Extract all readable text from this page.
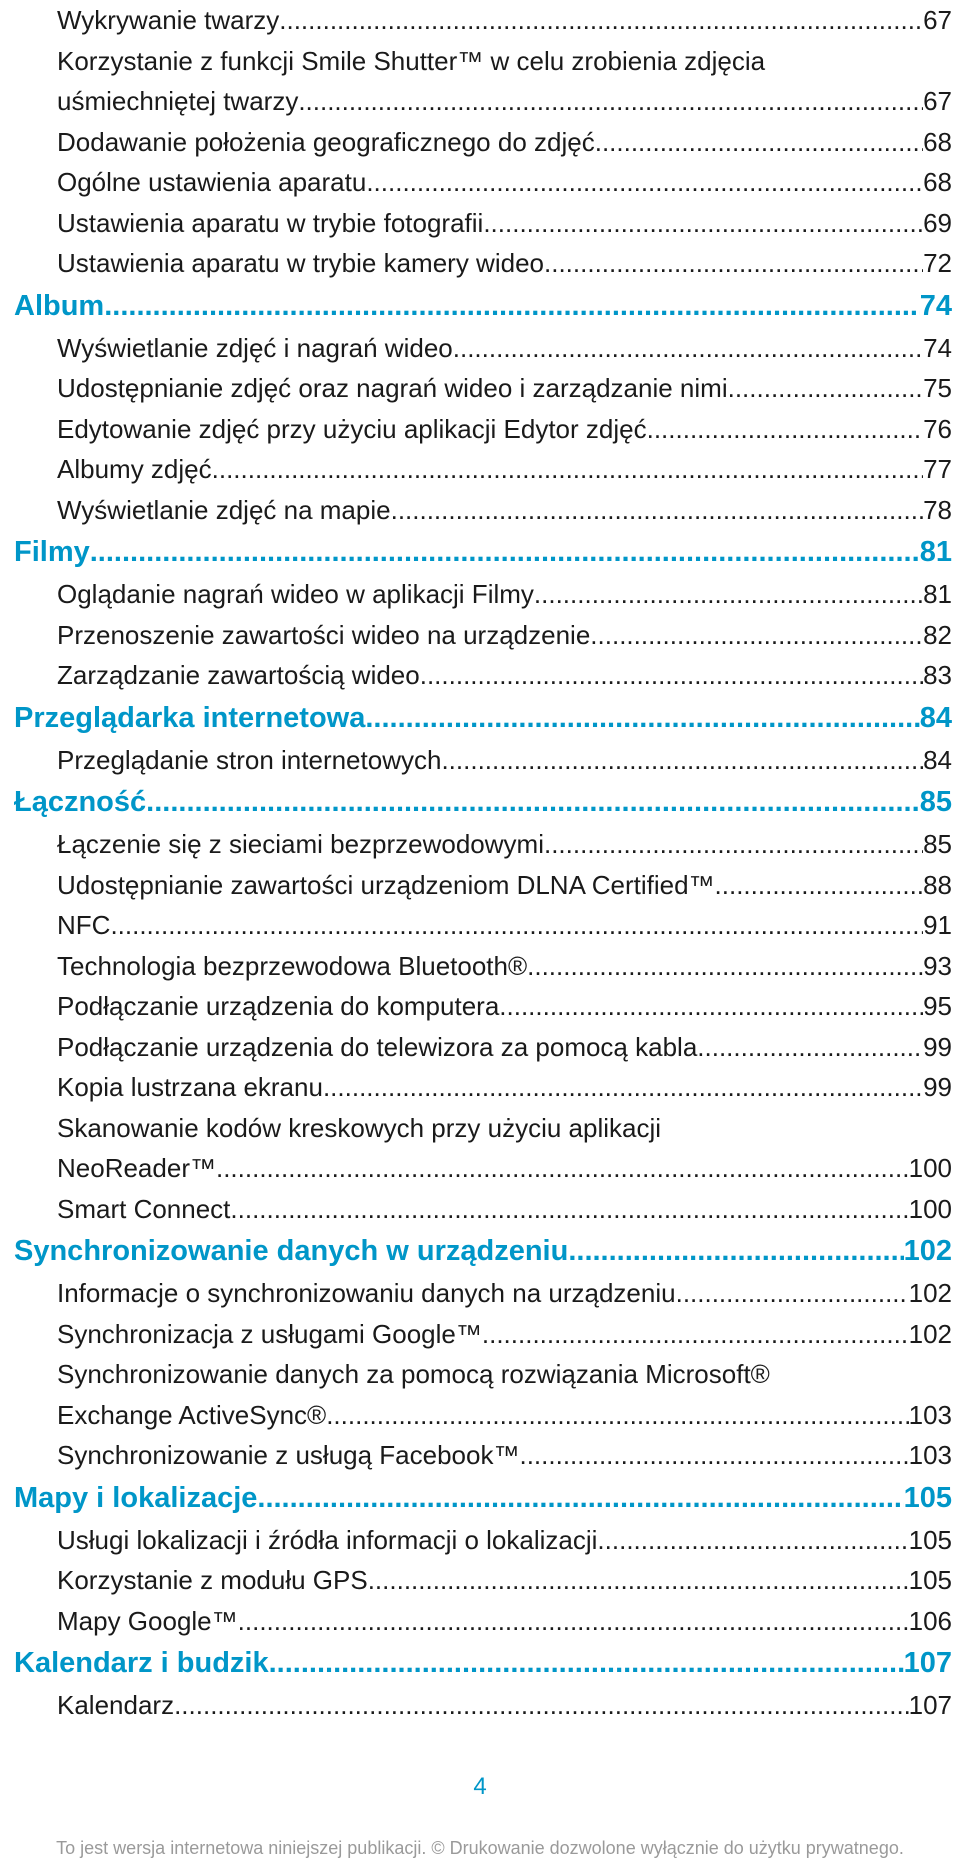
Wykrywanie twarzy .....	67
Korzystanie z funkcji Smile Shutter™ w celu zrobienia zdjęcia
uśmiechniętej twarzy .....	67
Dodawanie położenia geograficznego do zdjęć .....	68
Ogólne ustawienia aparatu .....	68
Ustawienia aparatu w trybie fotografii .....	69
Ustawienia aparatu w trybie kamery wideo .....	72
Album .....	74
Wyświetlanie zdjęć i nagrań wideo .....	74
Udostępnianie zdjęć oraz nagrań wideo i zarządzanie nimi .....	75
Edytowanie zdjęć przy użyciu aplikacji Edytor zdjęć .....	76
Albumy zdjęć .....	77
Wyświetlanie zdjęć na mapie .....	78
Filmy .....	81
Oglądanie nagrań wideo w aplikacji Filmy .....	81
Przenoszenie zawartości wideo na urządzenie .....	82
Zarządzanie zawartością wideo .....	83
Przeglądarka internetowa .....	84
Przeglądanie stron internetowych .....	84
Łączność .....	85
Łączenie się z sieciami bezprzewodowymi .....	85
Udostępnianie zawartości urządzeniom DLNA Certified™ .....	88
NFC .....	91
Technologia bezprzewodowa Bluetooth® .....	93
Podłączanie urządzenia do komputera .....	95
Podłączanie urządzenia do telewizora za pomocą kabla .....	99
Kopia lustrzana ekranu .....	99
Skanowanie kodów kreskowych przy użyciu aplikacji
NeoReader™ .....	100
Smart Connect .....	100
Synchronizowanie danych w urządzeniu .....	102
Informacje o synchronizowaniu danych na urządzeniu .....	102
Synchronizacja z usługami Google™ .....	102
Synchronizowanie danych za pomocą rozwiązania Microsoft®
Exchange ActiveSync® .....	103
Synchronizowanie z usługą Facebook™ .....	103
Mapy i lokalizacje .....	105
Usługi lokalizacji i źródła informacji o lokalizacji .....	105
Korzystanie z modułu GPS .....	105
Mapy Google™ .....	106
Kalendarz i budzik .....	107
Kalendarz .....	107
4
To jest wersja internetowa niniejszej publikacji. © Drukowanie dozwolone wyłącznie do użytku prywatnego.
